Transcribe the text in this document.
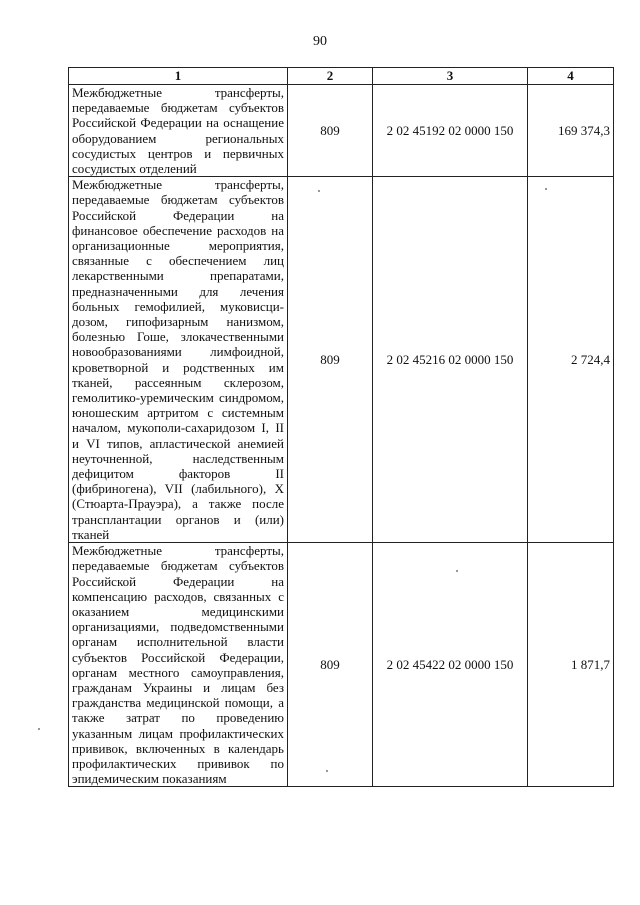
90
1	2	3	4
Межбюджетные трансферты, передаваемые бюджетам субъектов Российской Федерации на оснащение оборудованием региональных сосудистых центров и первичных сосудистых отделений	809	2 02 45192 02 0000 150	169 374,3
Межбюджетные трансферты, передаваемые бюджетам субъектов Российской Федерации на финансовое обеспечение расходов на организационные мероприятия, связанные с обеспечением лиц лекарственными препаратами, предназначенными для лечения больных гемофилией, муковисци-дозом, гипофизарным нанизмом, болезнью Гоше, злокачественными новообразованиями лимфоидной, кроветворной и родственных им тканей, рассеянным склерозом, гемолитико-уремическим синдромом, юношеским артритом с системным началом, мукополи-сахаридозом I, II и VI типов, апластической анемией неуточненной, наследственным дефицитом факторов II (фибриногена), VII (лабильного), X (Стюарта-Прауэра), а также после трансплантации органов и (или) тканей	809	2 02 45216 02 0000 150	2 724,4
Межбюджетные трансферты, передаваемые бюджетам субъектов Российской Федерации на компенсацию расходов, связанных с оказанием медицинскими организациями, подведомственными органам исполнительной власти субъектов Российской Федерации, органам местного самоуправления, гражданам Украины и лицам без гражданства медицинской помощи, а также затрат по проведению указанным лицам профилактических прививок, включенных в календарь профилактических прививок по эпидемическим показаниям	809	2 02 45422 02 0000 150	1 871,7
